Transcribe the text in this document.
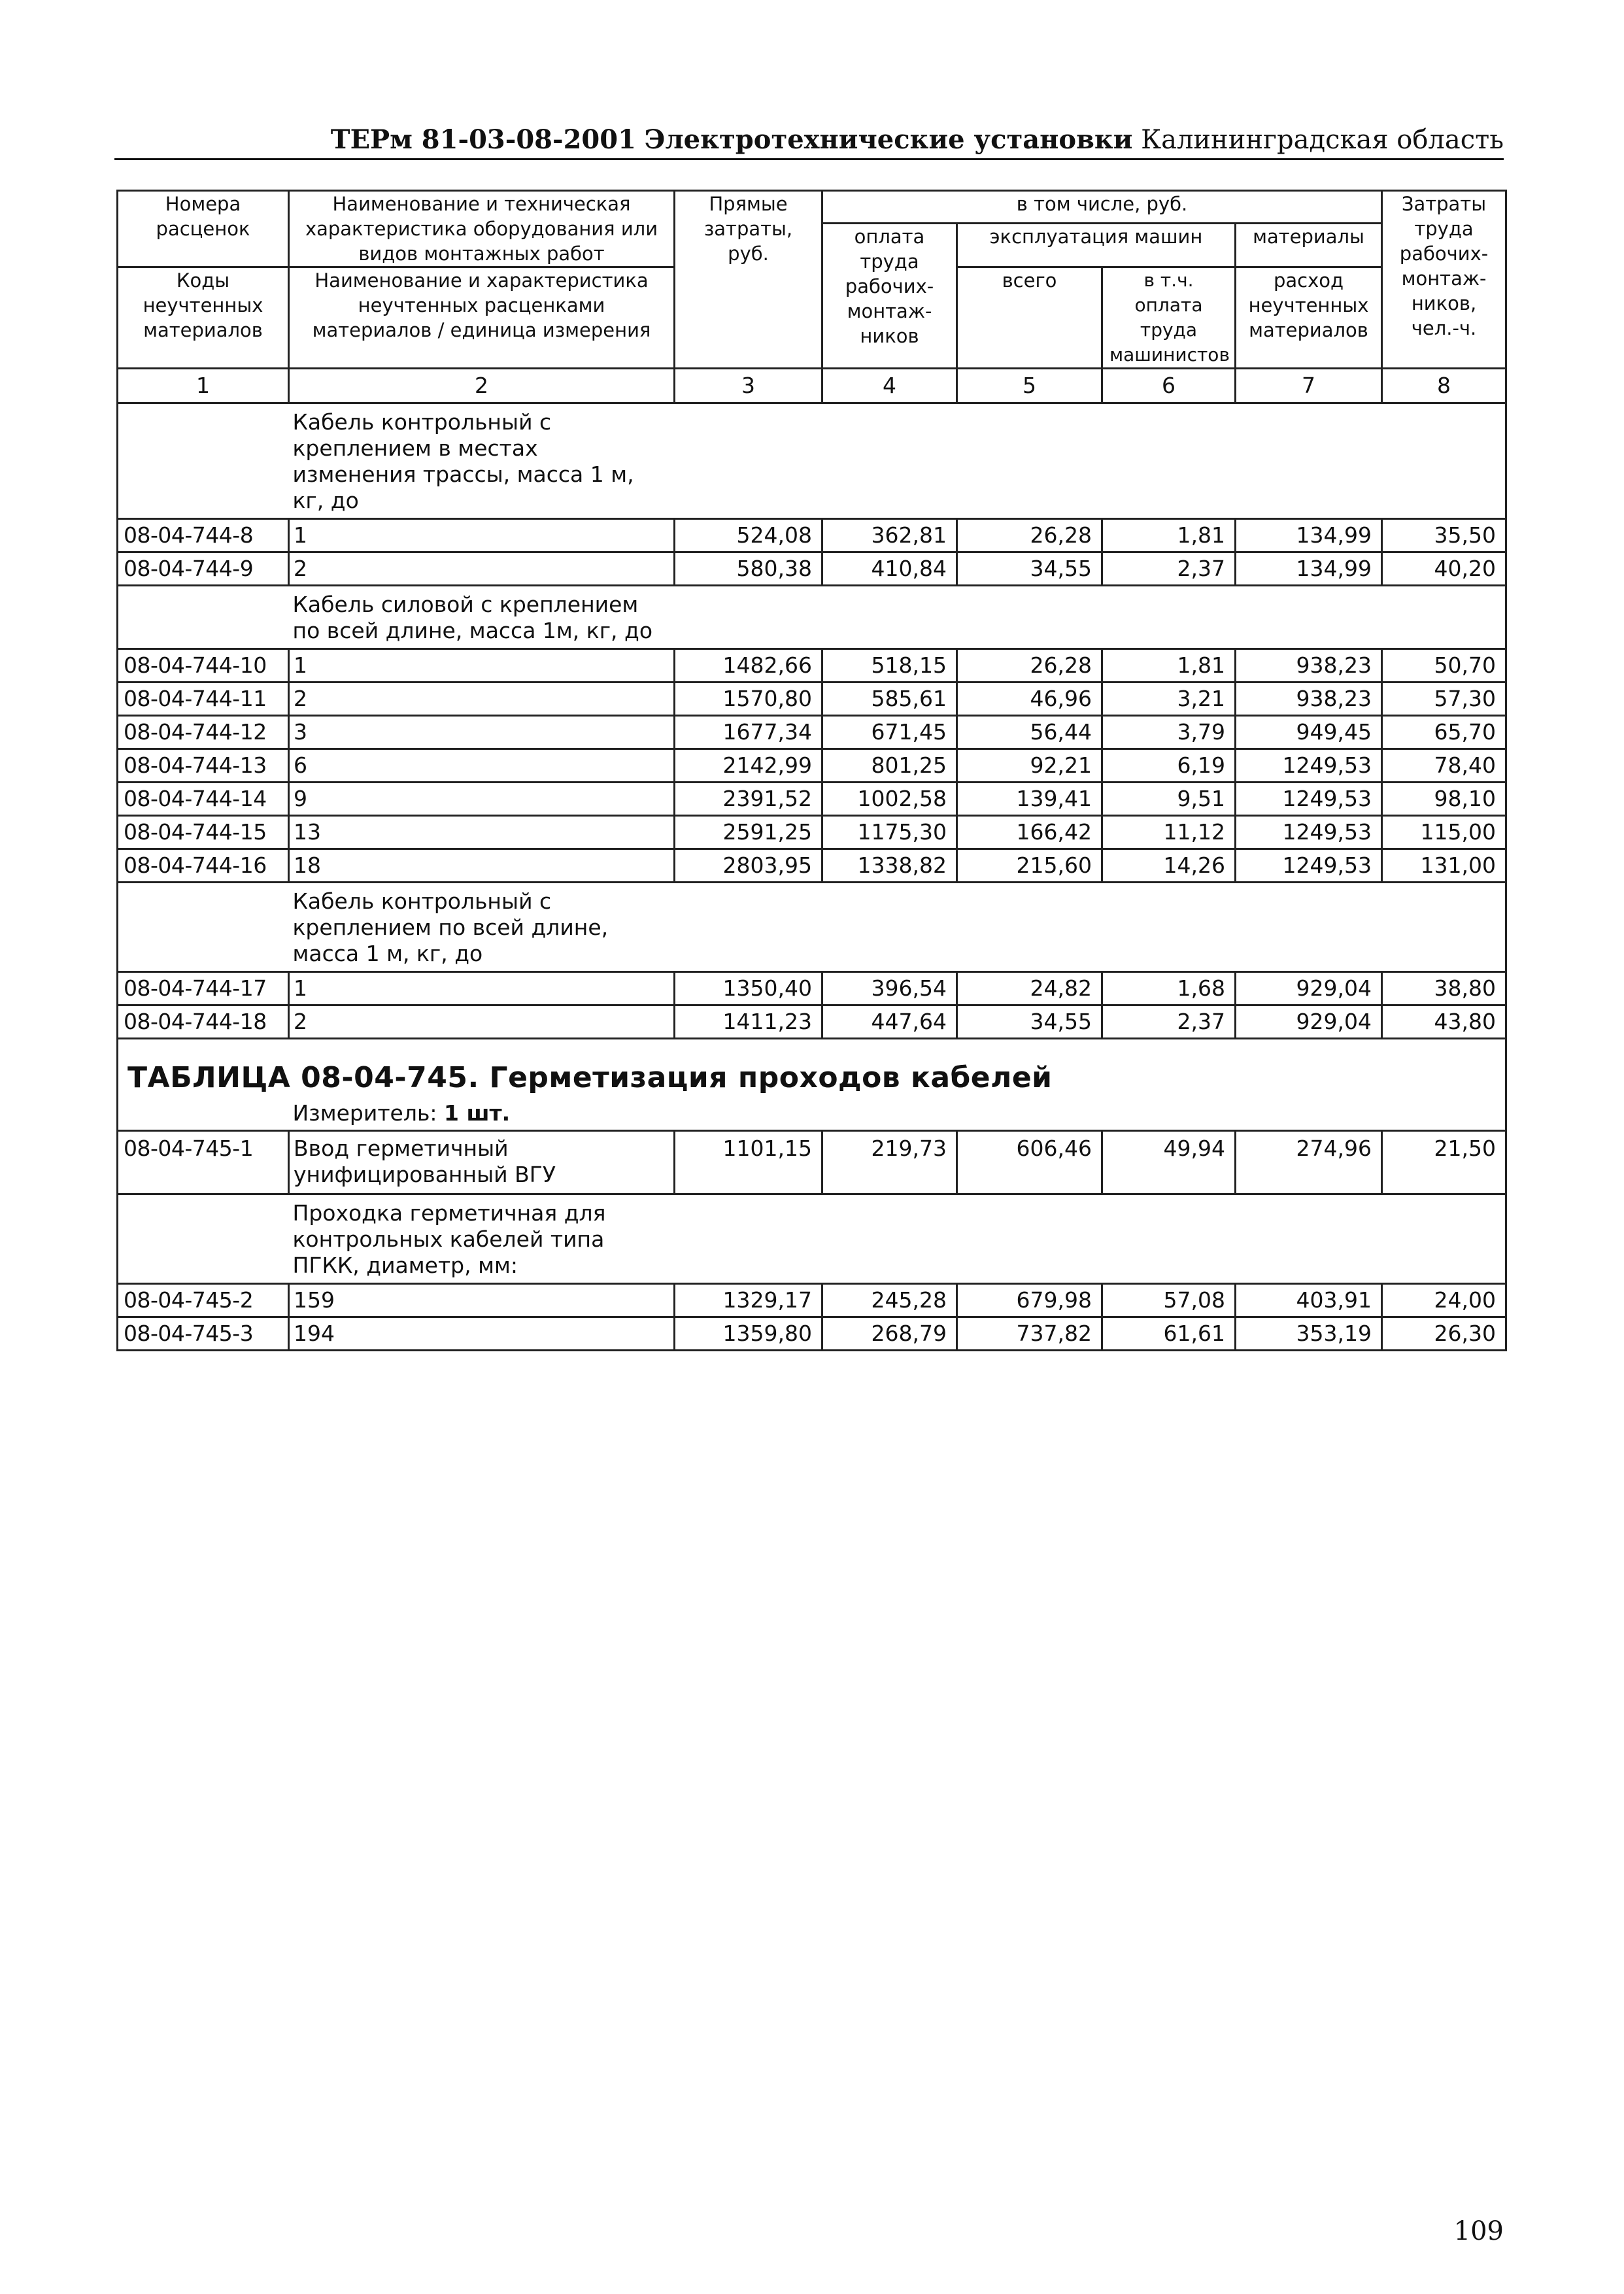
ТЕРм 81-03-08-2001 Электротехнические установки Калининградская область
Номера расценок	Наименование и техническая характеристика оборудования или видов монтажных работ	Прямые затраты, руб.	в том числе, руб.				Затраты труда рабочих-монтаж-ников, чел.-ч.
			оплата труда рабочих-монтаж-ников	эксплуатация машин		материалы	
Коды неучтенных материалов	Наименование и характеристика неучтенных расценками материалов / единица измерения			всего	в т.ч. оплата труда машинистов	расход неучтенных материалов	

1	2	3	4	5	6	7	8

	Кабель контрольный с креплением в местах изменения трассы, масса 1 м, кг, до						

08-04-744-8	1	524,08	362,81	26,28	1,81	134,99	35,50
08-04-744-9	2	580,38	410,84	34,55	2,37	134,99	40,20

	Кабель силовой с креплением по всей длине, масса 1м, кг, до						

08-04-744-10	1	1482,66	518,15	26,28	1,81	938,23	50,70
08-04-744-11	2	1570,80	585,61	46,96	3,21	938,23	57,30
08-04-744-12	3	1677,34	671,45	56,44	3,79	949,45	65,70
08-04-744-13	6	2142,99	801,25	92,21	6,19	1249,53	78,40
08-04-744-14	9	2391,52	1002,58	139,41	9,51	1249,53	98,10
08-04-744-15	13	2591,25	1175,30	166,42	11,12	1249,53	115,00
08-04-744-16	18	2803,95	1338,82	215,60	14,26	1249,53	131,00

	Кабель контрольный с креплением по всей длине, масса 1 м, кг, до						

08-04-744-17	1	1350,40	396,54	24,82	1,68	929,04	38,80
08-04-744-18	2	1411,23	447,64	34,55	2,37	929,04	43,80
ТАБЛИЦА 08-04-745. Герметизация проходов кабелей							
	Измеритель: 1 шт.						
08-04-745-1	Ввод герметичный унифицированный ВГУ	1101,15	219,73	606,46	49,94	274,96	21,50

	Проходка герметичная для контрольных кабелей типа ПГКК, диаметр, мм:						

08-04-745-2	159	1329,17	245,28	679,98	57,08	403,91	24,00
08-04-745-3	194	1359,80	268,79	737,82	61,61	353,19	26,30
109
